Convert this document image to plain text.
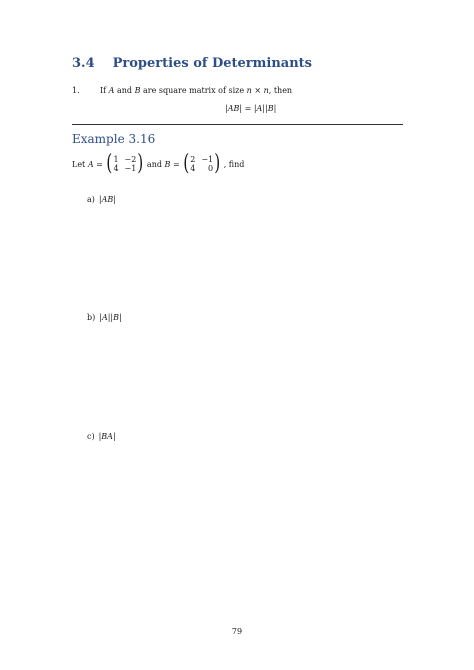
3.4 Properties of Determinants
1.	If A and B are square matrix of size n × n, then
|AB| = |A||B|
Example 3.16
Let
A = ( 1 −2
4 −1 ) and
B = ( 2 −1
4	0 ) , find
a) |AB|
b) |A||B|
c) |BA|
79
